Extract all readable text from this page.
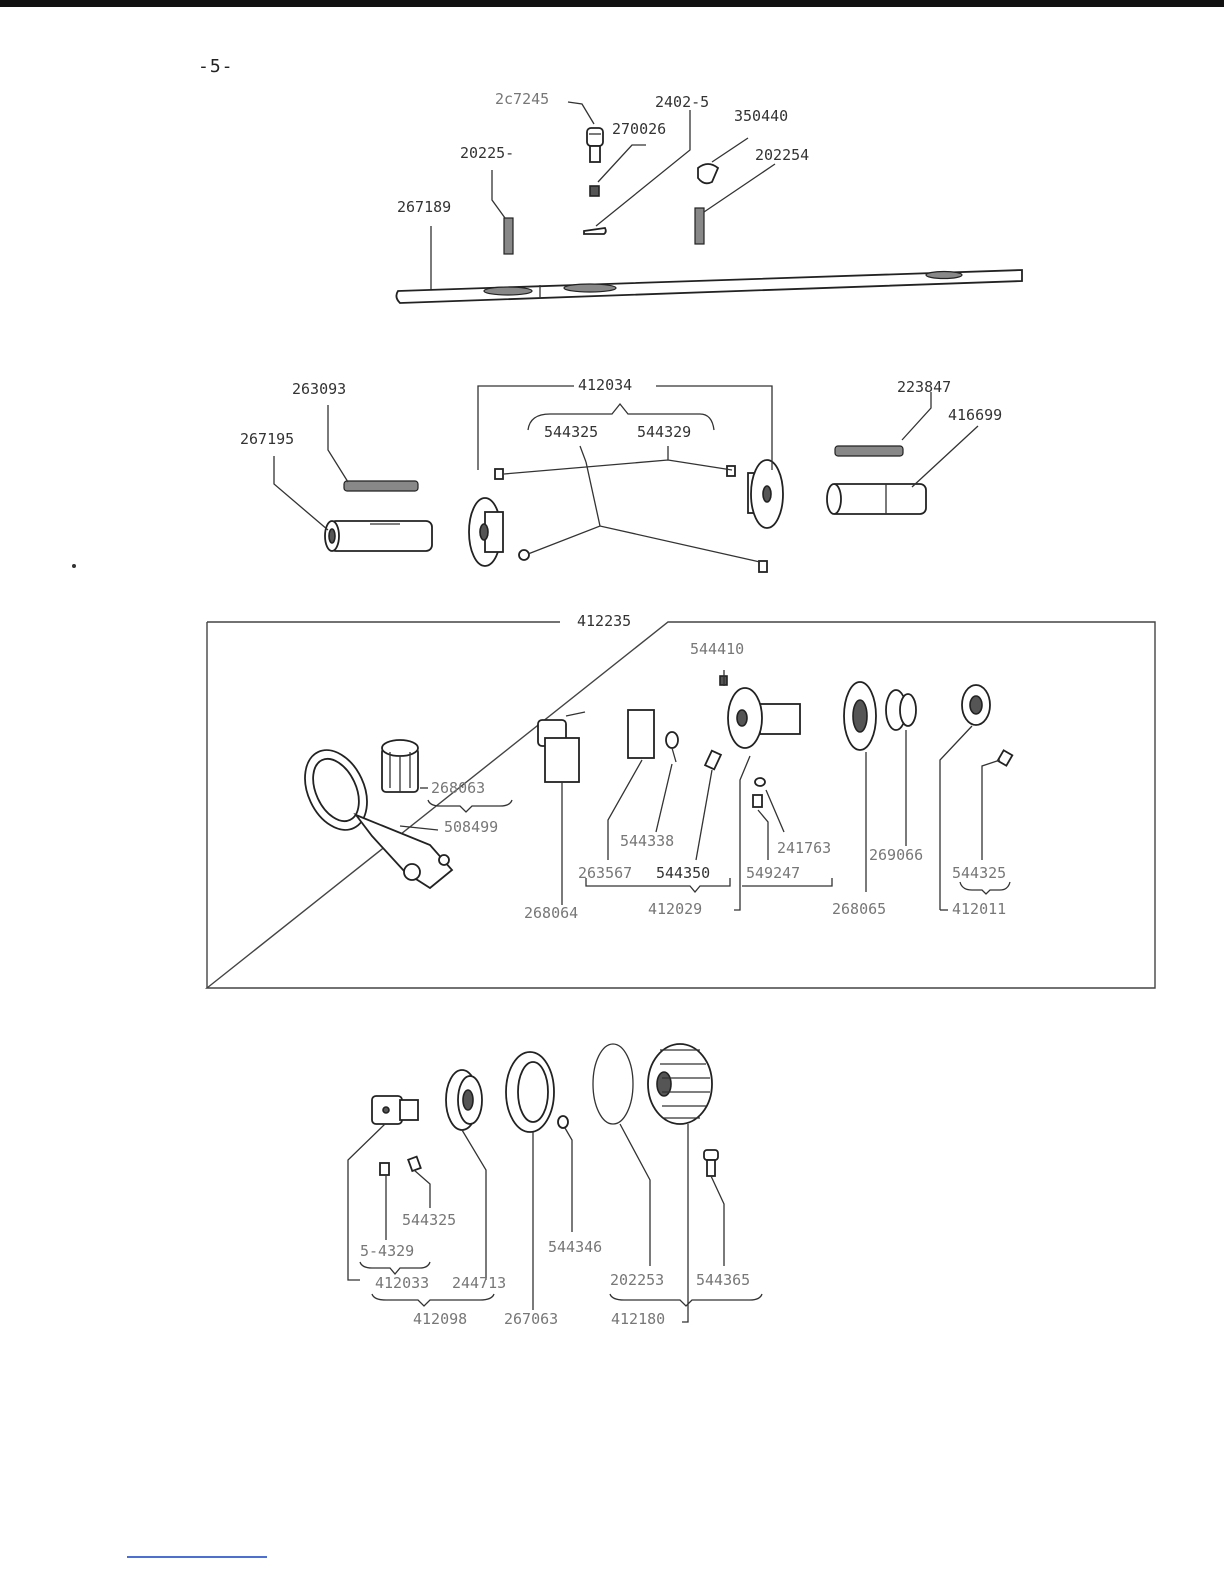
-5-
2c7245
270026
2402-5
350440
202254
20225-
267189
263093
267195
412034
544325	544329
223847
416699
412235
544410
268063
508499
544338	241763	269066
263567 544350 549247	544325
268064	412029	268065	412011
544325
5-4329	544346
412033 244713	202253 544365
412098 267063	412180
